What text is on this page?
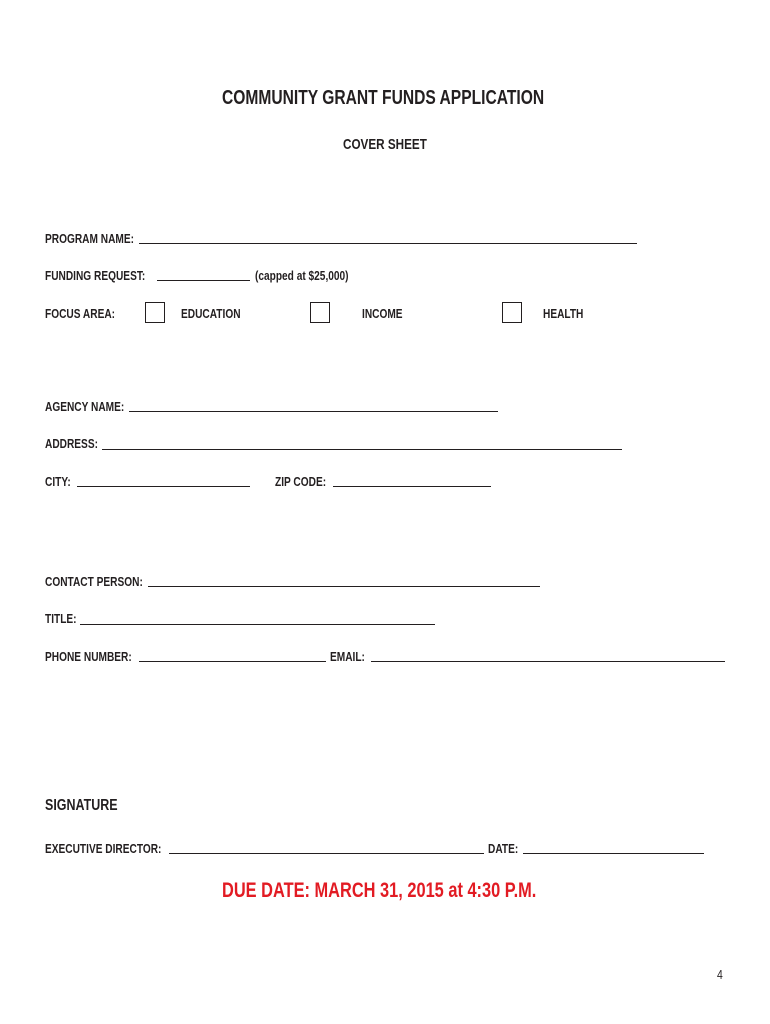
COMMUNITY GRANT FUNDS APPLICATION
COVER SHEET
PROGRAM NAME:
FUNDING REQUEST:	(capped at $25,000)
FOCUS AREA:	EDUCATION	INCOME	HEALTH
AGENCY NAME:
ADDRESS:
CITY:	ZIP CODE:
CONTACT PERSON:
TITLE:
PHONE NUMBER:	EMAIL:
SIGNATURE
EXECUTIVE DIRECTOR:	DATE:
DUE DATE: MARCH 31, 2015 at 4:30 P.M.
4
